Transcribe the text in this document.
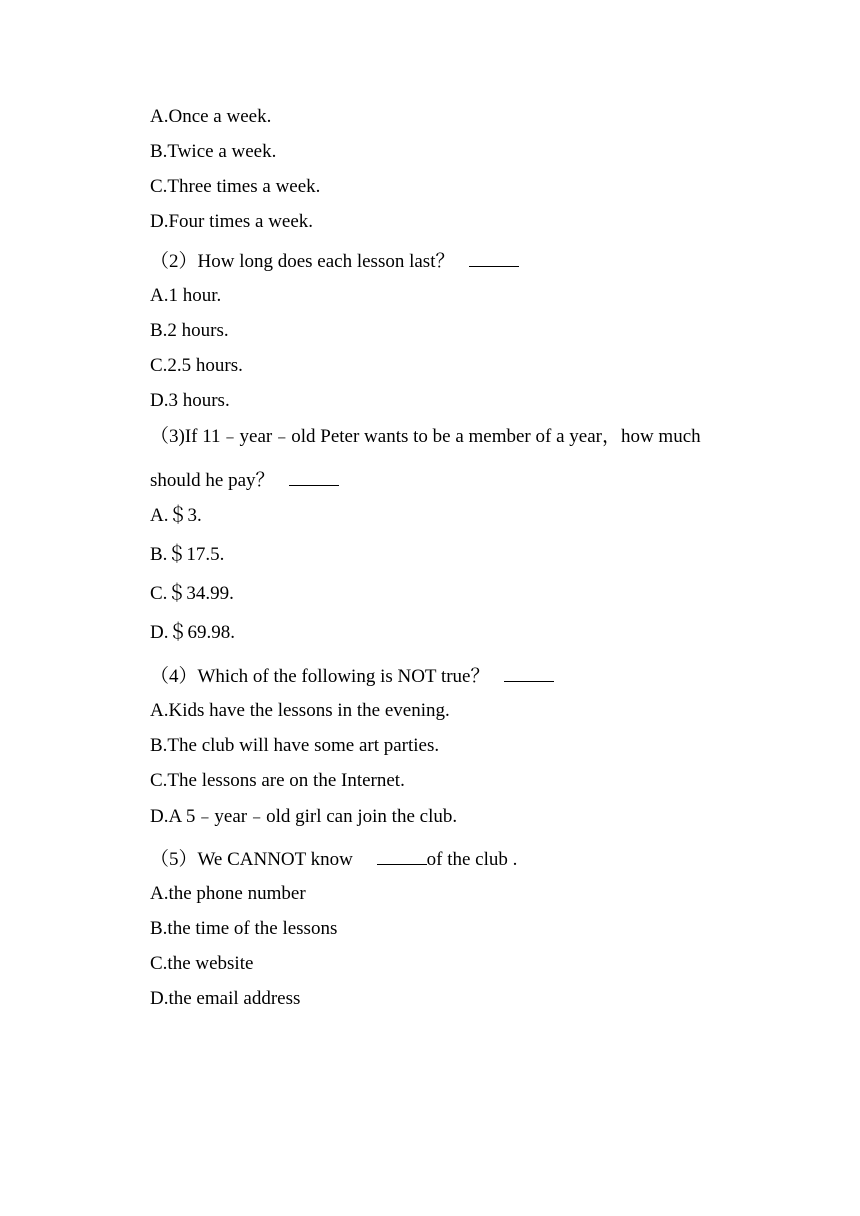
A.Once a week.

B.Twice a week.

C.Three times a week.

D.Four times a week.

（2）How long does each lesson last？

A.1 hour.

B.2 hours.

C.2.5 hours.

D.3 hours.

（3)If 11﹣year﹣old Peter wants to be a member of a year，how much

should he pay？

A.＄3.

B.＄17.5.

C.＄34.99.

D.＄69.98.

（4）Which of the following is NOT true？

A.Kids have the lessons in the evening.

B.The club will have some art parties.

C.The lessons are on the Internet.

D.A 5﹣year﹣old girl can join the club.

（5）We CANNOT know	of the club .

A.the phone number

B.the time of the lessons

C.the website

D.the email address
